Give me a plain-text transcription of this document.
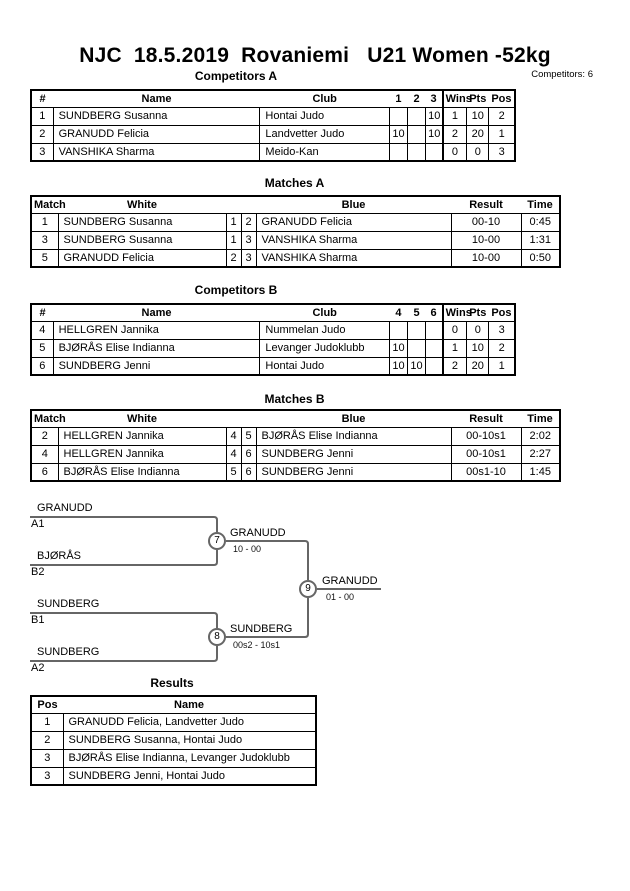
NJC  18.5.2019  Rovaniemi   U21 Women -52kg
Competitors A	Competitors: 6
#	Name	Club	1	2	3	Wins	Pts	Pos
1	SUNDBERG Susanna	Hontai Judo			10	1	10	2
2	GRANUDD Felicia	Landvetter Judo	10		10	2	20	1
3	VANSHIKA Sharma	Meido-Kan				0	0	3
Matches A
Match	White			Blue	Result	Time
1	SUNDBERG Susanna	1	2	GRANUDD Felicia	00-10	0:45
3	SUNDBERG Susanna	1	3	VANSHIKA Sharma	10-00	1:31
5	GRANUDD Felicia	2	3	VANSHIKA Sharma	10-00	0:50
Competitors B
#	Name	Club	4	5	6	Wins	Pts	Pos
4	HELLGREN Jannika	Nummelan Judo				0	0	3
5	BJØRÅS Elise Indianna	Levanger Judoklubb	10			1	10	2
6	SUNDBERG Jenni	Hontai Judo	10	10		2	20	1
Matches B
Match	White			Blue	Result	Time
2	HELLGREN Jannika	4	5	BJØRÅS Elise Indianna	00-10s1	2:02
4	HELLGREN Jannika	4	6	SUNDBERG Jenni	00-10s1	2:27
6	BJØRÅS Elise Indianna	5	6	SUNDBERG Jenni	00s1-10	1:45
GRANUDD
A1
BJØRÅS
B2
7
GRANUDD
10 - 00
SUNDBERG
B1
SUNDBERG
A2
8
SUNDBERG
00s2 - 10s1
9
GRANUDD
01 - 00
Results
Pos	Name
1	GRANUDD Felicia, Landvetter Judo
2	SUNDBERG Susanna, Hontai Judo
3	BJØRÅS Elise Indianna, Levanger Judoklubb
3	SUNDBERG Jenni, Hontai Judo
